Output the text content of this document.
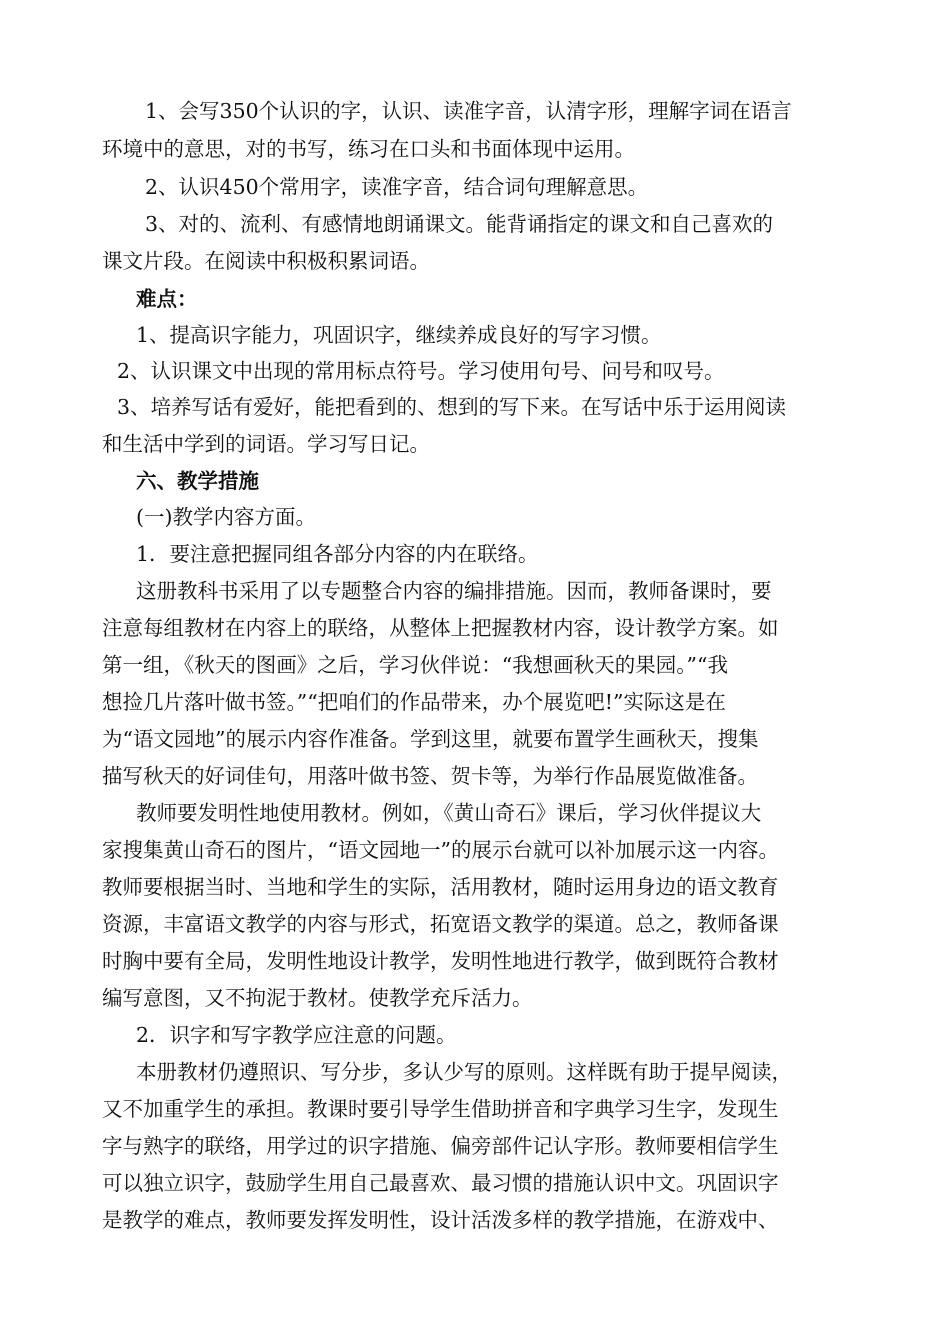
1、会写350个认识的字，认识、读准字音，认清字形，理解字词在语言
环境中的意思，对的书写，练习在口头和书面体现中运用。
2、认识450个常用字，读准字音，结合词句理解意思。
3、对的、流利、有感情地朗诵课文。能背诵指定的课文和自己喜欢的
课文片段。在阅读中积极积累词语。
难点：
1、提高识字能力，巩固识字，继续养成良好的写字习惯。
2、认识课文中出现的常用标点符号。学习使用句号、问号和叹号。
3、培养写话有爱好，能把看到的、想到的写下来。在写话中乐于运用阅读
和生活中学到的词语。学习写日记。
六、教学措施
(一)教学内容方面。
1．要注意把握同组各部分内容的内在联络。
这册教科书采用了以专题整合内容的编排措施。因而，教师备课时，要
注意每组教材在内容上的联络，从整体上把握教材内容，设计教学方案。如
第一组，《秋天的图画》之后，学习伙伴说：“我想画秋天的果园。”“我
想捡几片落叶做书签。”“把咱们的作品带来，办个展览吧!”实际这是在
为“语文园地”的展示内容作准备。学到这里，就要布置学生画秋天，搜集
描写秋天的好词佳句，用落叶做书签、贺卡等，为举行作品展览做准备。
教师要发明性地使用教材。例如，《黄山奇石》课后，学习伙伴提议大
家搜集黄山奇石的图片，“语文园地一”的展示台就可以补加展示这一内容。
教师要根据当时、当地和学生的实际，活用教材，随时运用身边的语文教育
资源，丰富语文教学的内容与形式，拓宽语文教学的渠道。总之，教师备课
时胸中要有全局，发明性地设计教学，发明性地进行教学，做到既符合教材
编写意图，又不拘泥于教材。使教学充斥活力。
2．识字和写字教学应注意的问题。
本册教材仍遵照识、写分步，多认少写的原则。这样既有助于提早阅读，
又不加重学生的承担。教课时要引导学生借助拼音和字典学习生字，发现生
字与熟字的联络，用学过的识字措施、偏旁部件记认字形。教师要相信学生
可以独立识字，鼓励学生用自己最喜欢、最习惯的措施认识中文。巩固识字
是教学的难点，教师要发挥发明性，设计活泼多样的教学措施，在游戏中、
